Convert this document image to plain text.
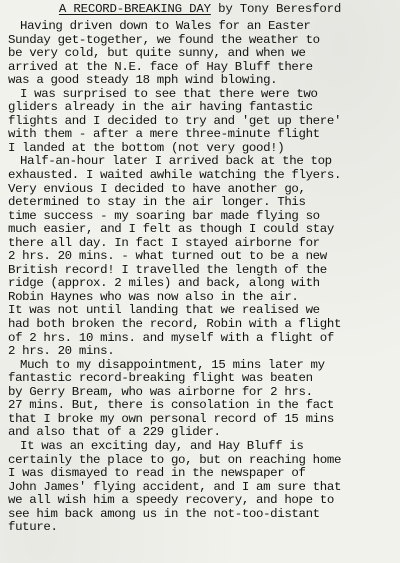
A RECORD-BREAKING DAY by Tony Beresford
Having driven down to Wales for an Easter
Sunday get-together, we found the weather to
be very cold, but quite sunny, and when we
arrived at the N.E. face of Hay Bluff there
was a good steady 18 mph wind blowing.
I was surprised to see that there were two
gliders already in the air having fantastic
flights and I decided to try and 'get up there'
with them - after a mere three-minute flight
I landed at the bottom (not very good!)
Half-an-hour later I arrived back at the top
exhausted. I waited awhile watching the flyers.
Very envious I decided to have another go,
determined to stay in the air longer. This
time success - my soaring bar made flying so
much easier, and I felt as though I could stay
there all day. In fact I stayed airborne for
2 hrs. 20 mins. - what turned out to be a new
British record! I travelled the length of the
ridge (approx. 2 miles) and back, along with
Robin Haynes who was now also in the air.
It was not until landing that we realised we
had both broken the record, Robin with a flight
of 2 hrs. 10 mins. and myself with a flight of
2 hrs. 20 mins.
Much to my disappointment, 15 mins later my
fantastic record-breaking flight was beaten
by Gerry Bream, who was airborne for 2 hrs.
27 mins. But, there is consolation in the fact
that I broke my own personal record of 15 mins
and also that of a 229 glider.
It was an exciting day, and Hay Bluff is
certainly the place to go, but on reaching home
I was dismayed to read in the newspaper of
John James' flying accident, and I am sure that
we all wish him a speedy recovery, and hope to
see him back among us in the not-too-distant
future.
